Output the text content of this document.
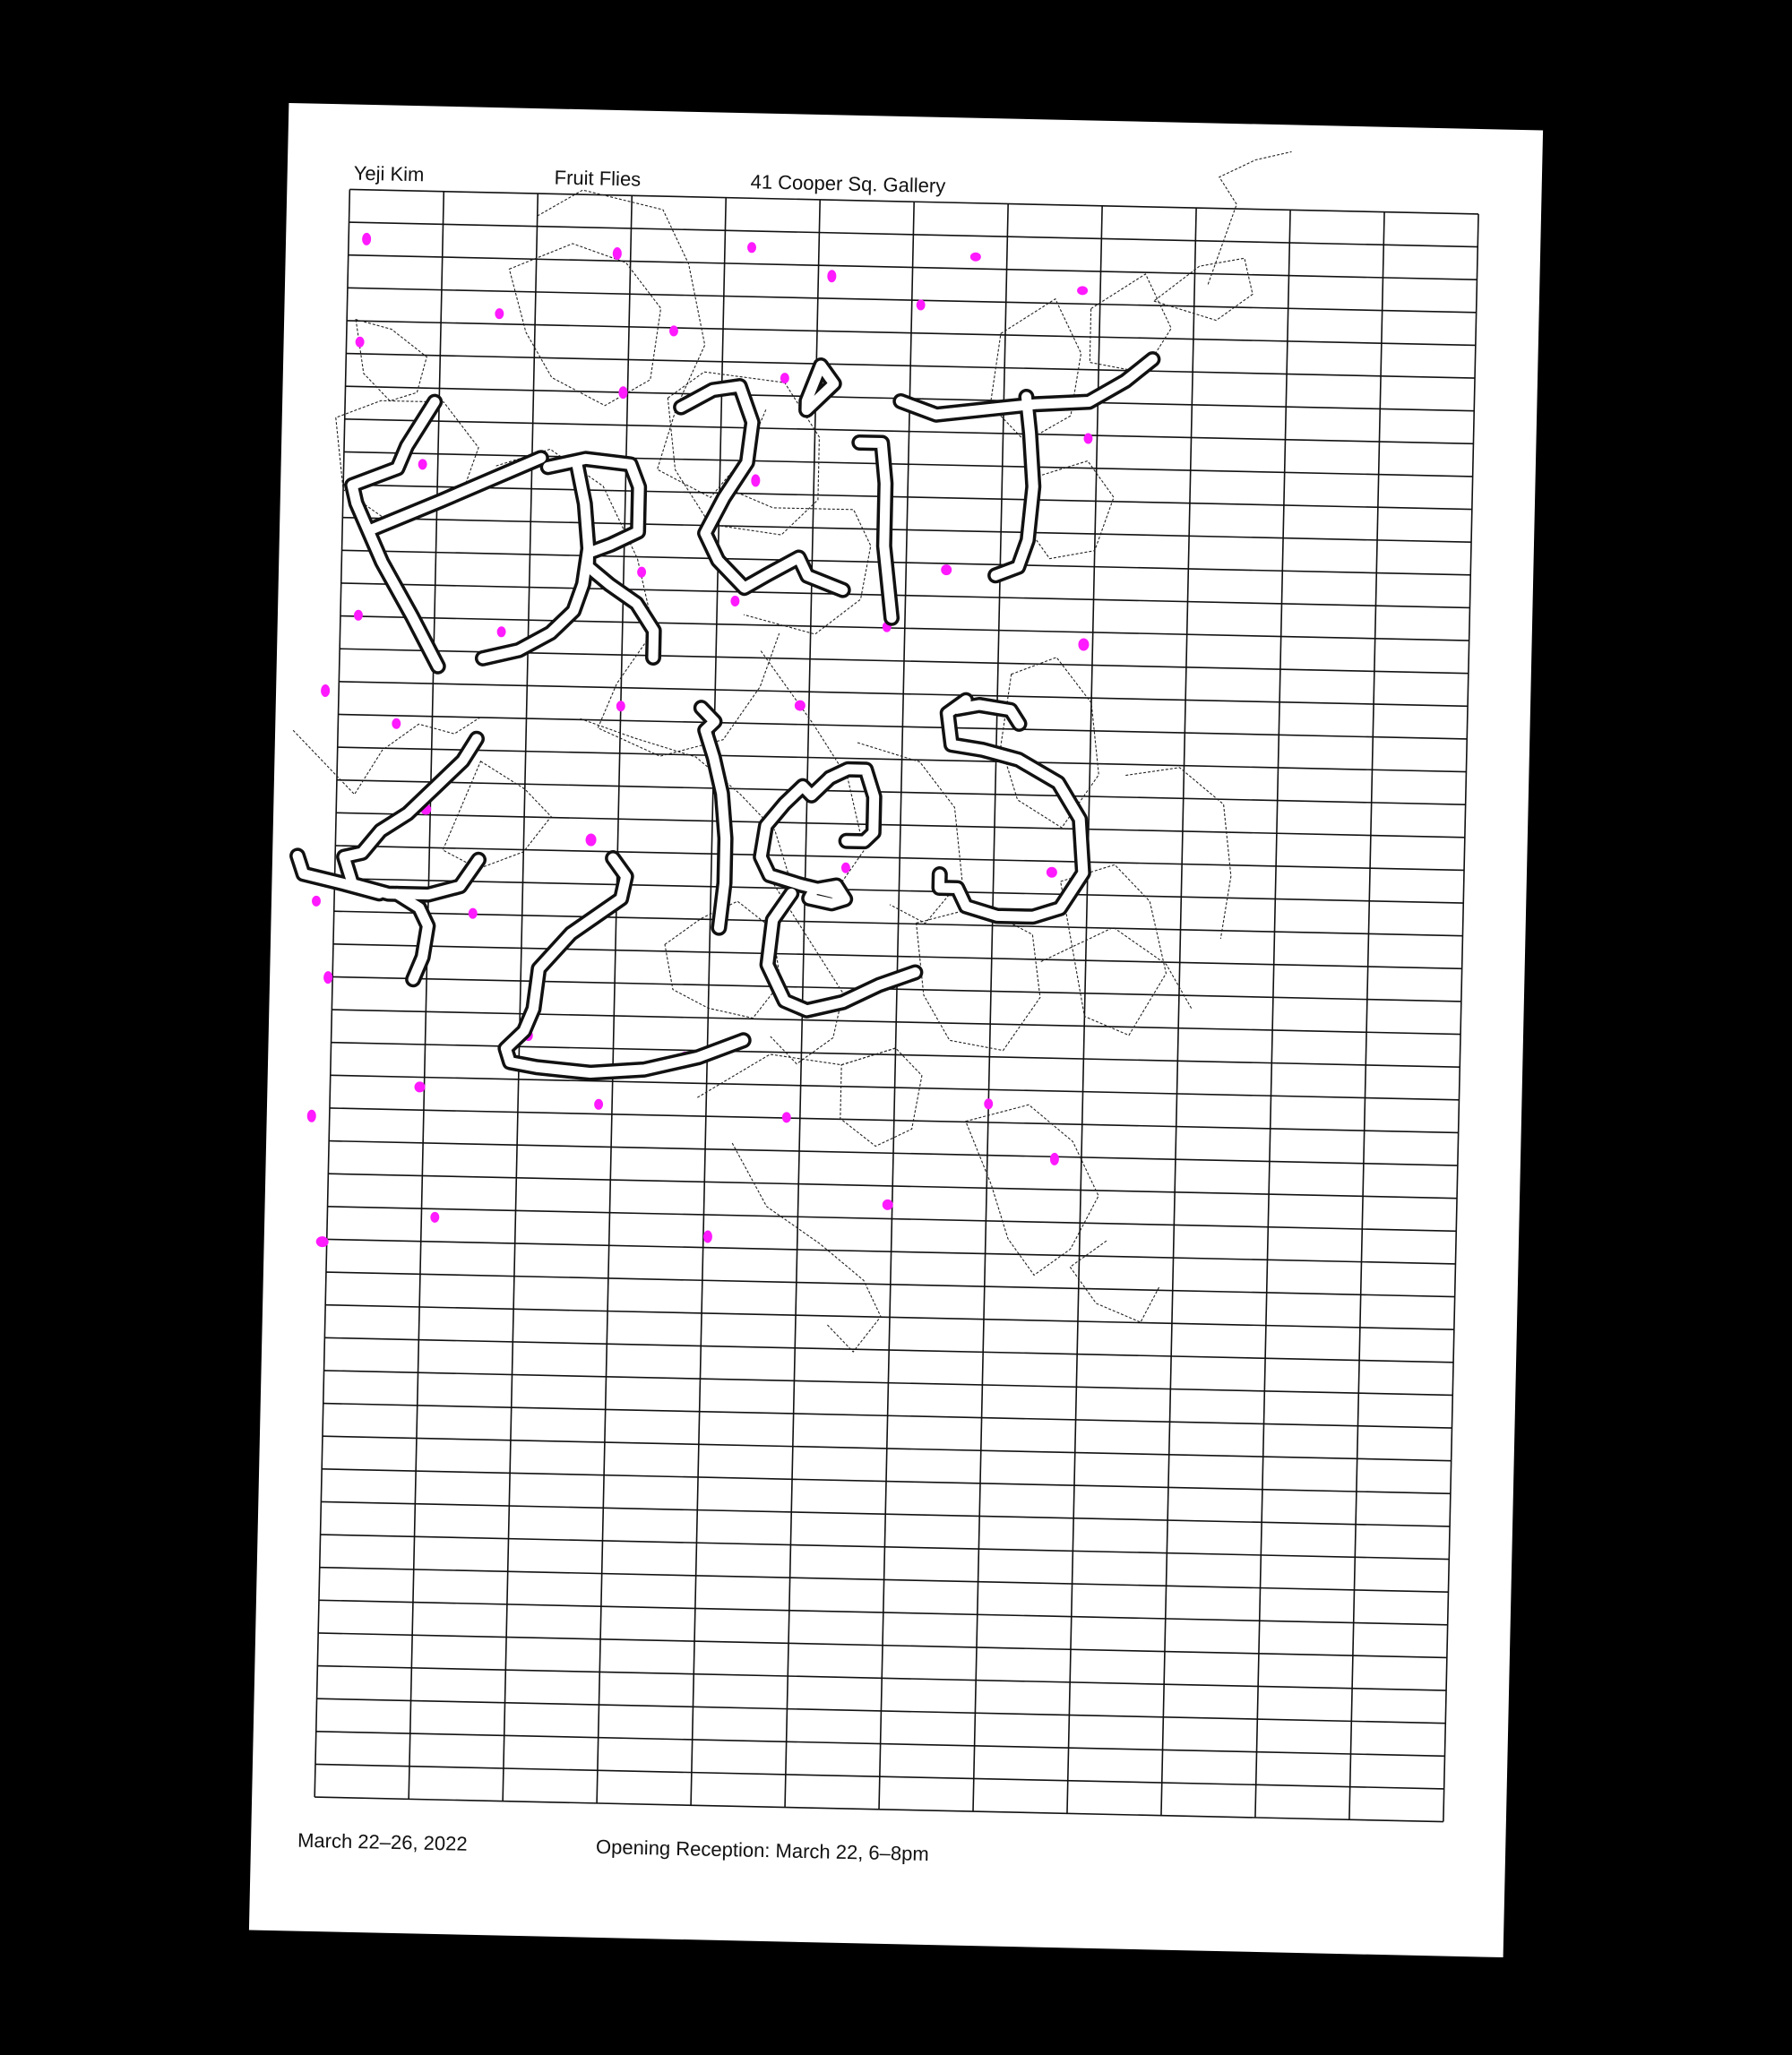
Yeji Kim	Fruit Flies	41 Cooper Sq. Gallery
March 22–26, 2022	Opening Reception: March 22, 6–8pm
